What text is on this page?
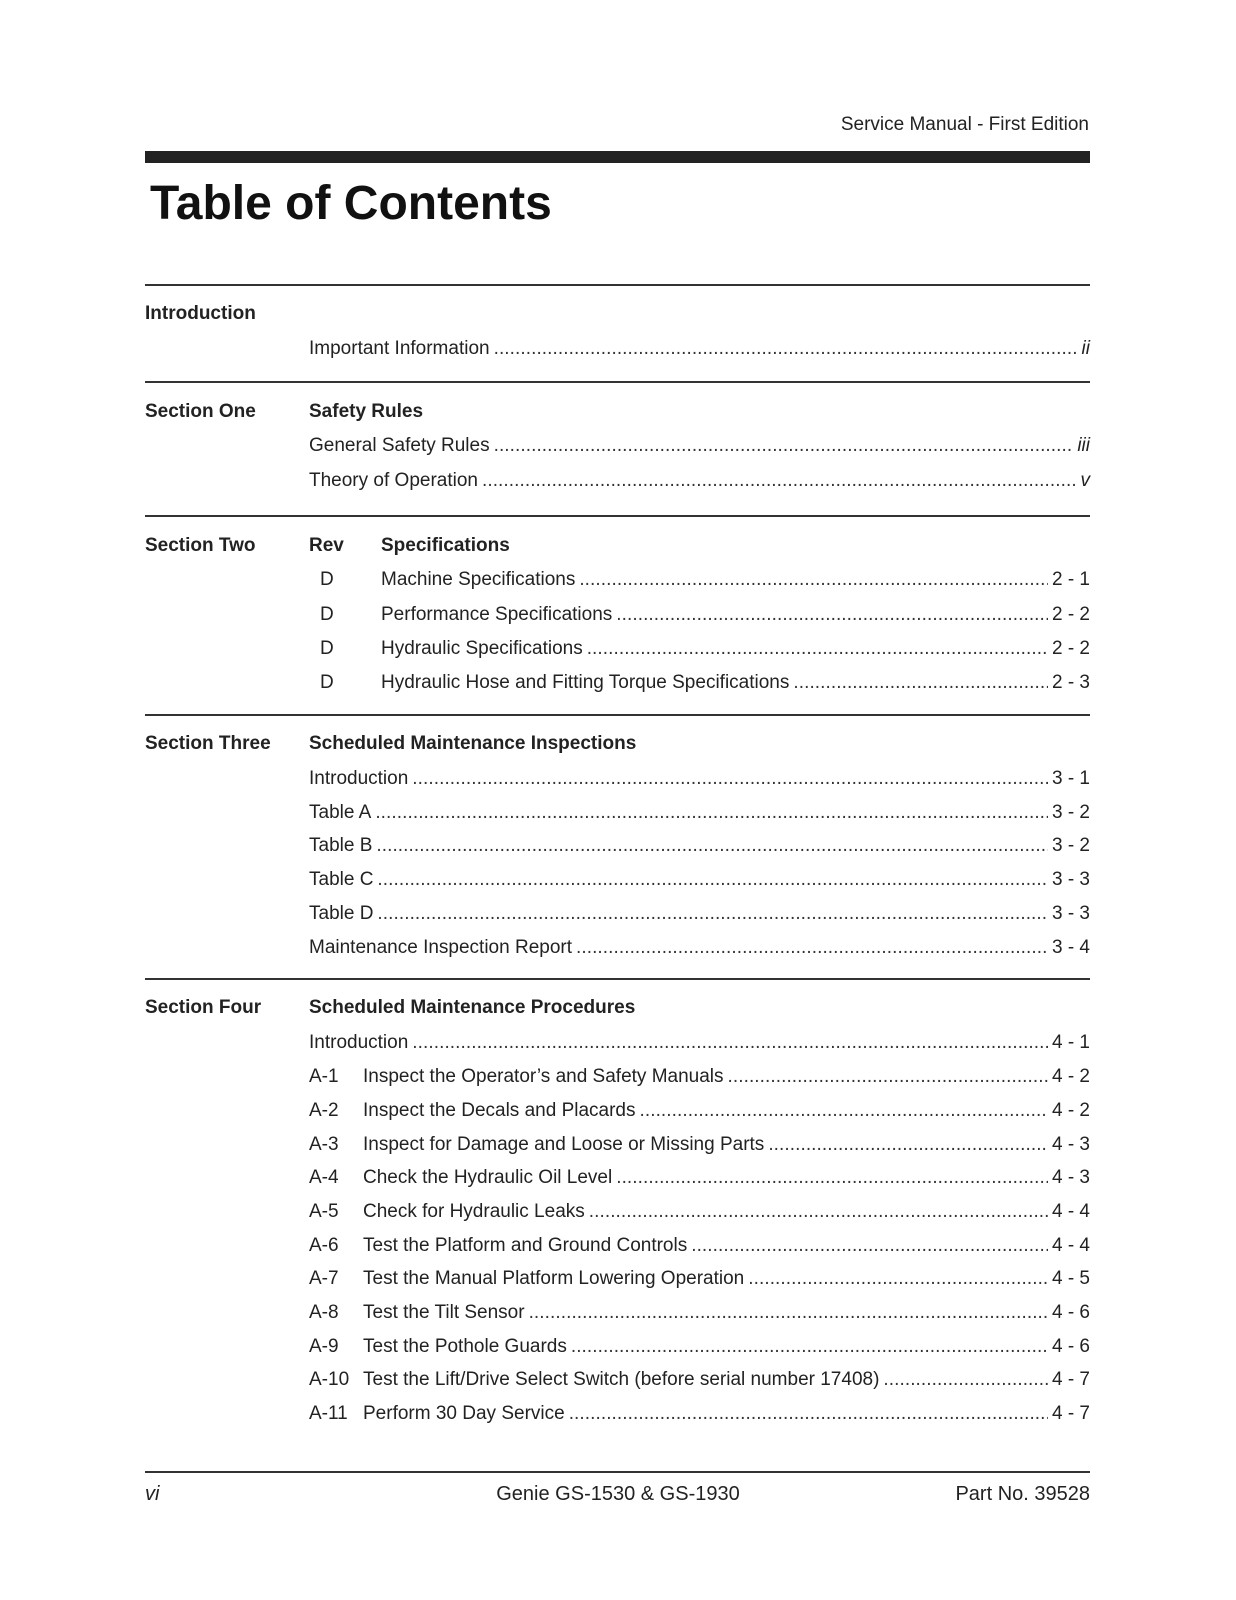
Service Manual - First Edition
Table of Contents
Introduction
Important Information . . .	ii
Section One	Safety Rules
General Safety Rules . . .	iii
Theory of Operation . . .	v
Section Two	Rev Specifications
D	Machine Specifications . . .	2 - 1
D	Performance Specifications . . .	2 - 2
D	Hydraulic Specifications . . .	2 - 2
D	Hydraulic Hose and Fitting Torque Specifications . . .	2 - 3
Section Three Scheduled Maintenance Inspections
Introduction . . .	3 - 1
Table A . . .	3 - 2
Table B . . .	3 - 2
Table C . . .	3 - 3
Table D . . .	3 - 3
Maintenance Inspection Report . . .	3 - 4
Section Four	Scheduled Maintenance Procedures
Introduction . . .	4 - 1
A-1	Inspect the Operator’s and Safety Manuals . . .	4 - 2
A-2	Inspect the Decals and Placards . . .	4 - 2
A-3	Inspect for Damage and Loose or Missing Parts . . .	4 - 3
A-4	Check the Hydraulic Oil Level . . .	4 - 3
A-5	Check for Hydraulic Leaks . . .	4 - 4
A-6	Test the Platform and Ground Controls . . .	4 - 4
A-7	Test the Manual Platform Lowering Operation . . .	4 - 5
A-8	Test the Tilt Sensor . . .	4 - 6
A-9	Test the Pothole Guards . . .	4 - 6
A-10 Test the Lift/Drive Select Switch (before serial number 17408) . . .	4 - 7
A-11 Perform 30 Day Service . . .	4 - 7
vi	Genie GS-1530 & GS-1930	Part No. 39528
